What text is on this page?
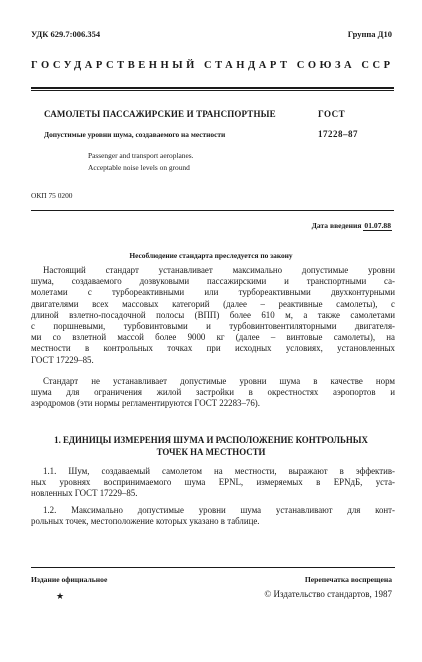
УДК 629.7:006.354	Группа Д10
ГОСУДАРСТВЕННЫЙ СТАНДАРТ СОЮЗА ССР
САМОЛЕТЫ ПАССАЖИРСКИЕ И ТРАНСПОРТНЫЕ	ГОСТ
Допустимые уровни шума, создаваемого на местности	17228–87
Passenger and transport aeroplanes.
Acceptable noise levels on ground
ОКП 75 0200
Дата введения 01.07.88
Несоблюдение стандарта преследуется по закону
Настоящий стандарт устанавливает максимально допустимые уровни
шума, создаваемого дозвуковыми пассажирскими и транспортными са-
молетами с турбореактивными или турбореактивными двухконтурными
двигателями всех массовых категорий (далее – реактивные самолеты), с
длиной взлетно-посадочной полосы (ВПП) более 610 м, а также самолетами
с поршневыми, турбовинтовыми и турбовинтовентиляторными двигателя-
ми со взлетной массой более 9000 кг (далее – винтовые самолеты), на
местности в контрольных точках при исходных условиях, установленных
ГОСТ 17229–85.
Стандарт не устанавливает допустимые уровни шума в качестве норм
шума для ограничения жилой застройки в окрестностях аэропортов и
аэродромов (эти нормы регламентируются ГОСТ 22283–76).
1. ЕДИНИЦЫ ИЗМЕРЕНИЯ ШУМА И РАСПОЛОЖЕНИЕ КОНТРОЛЬНЫХ
ТОЧЕК НА МЕСТНОСТИ
1.1. Шум, создаваемый самолетом на местности, выражают в эффектив-
ных уровнях воспринимаемого шума EPNL, измеряемых в EPNдБ, уста-
новленных ГОСТ 17229–85.
1.2. Максимально допустимые уровни шума устанавливают для конт-
рольных точек, местоположение которых указано в таблице.
Издание официальное	Перепечатка воспрещена
★	© Издательство стандартов, 1987
